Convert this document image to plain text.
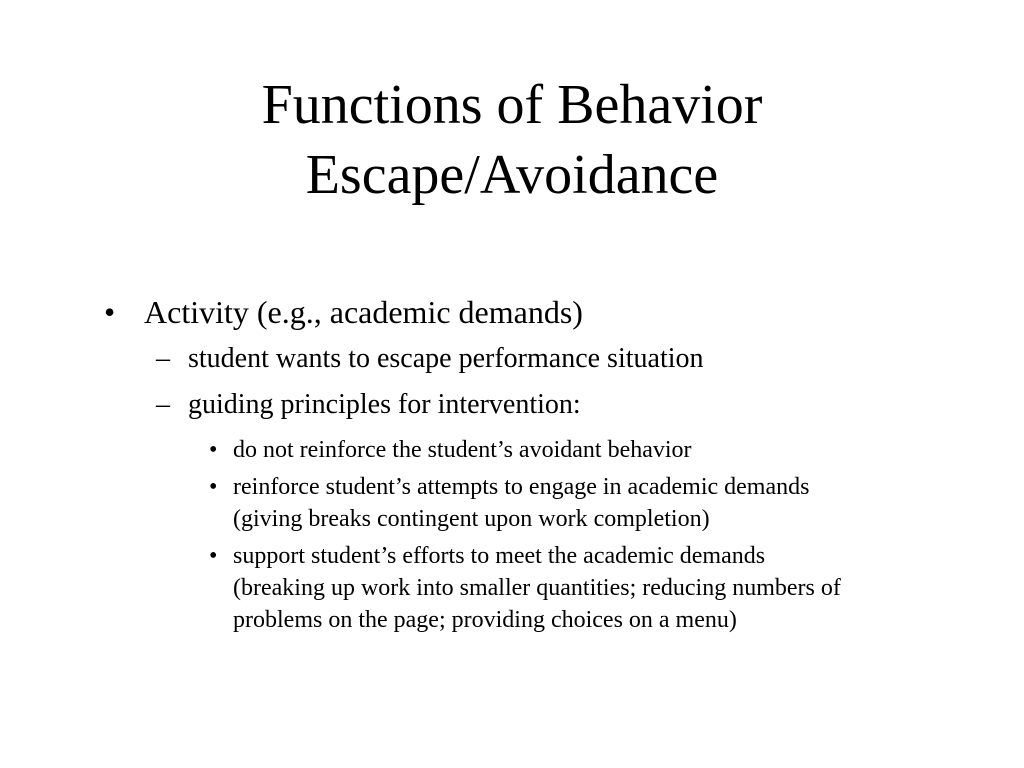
Functions of Behavior
Escape/Avoidance
• Activity (e.g., academic demands)
– student wants to escape performance situation
– guiding principles for intervention:
• do not reinforce the student’s avoidant behavior
• reinforce student’s attempts to engage in academic demands
(giving breaks contingent upon work completion)
• support student’s efforts to meet the academic demands
(breaking up work into smaller quantities; reducing numbers of
problems on the page; providing choices on a menu)
